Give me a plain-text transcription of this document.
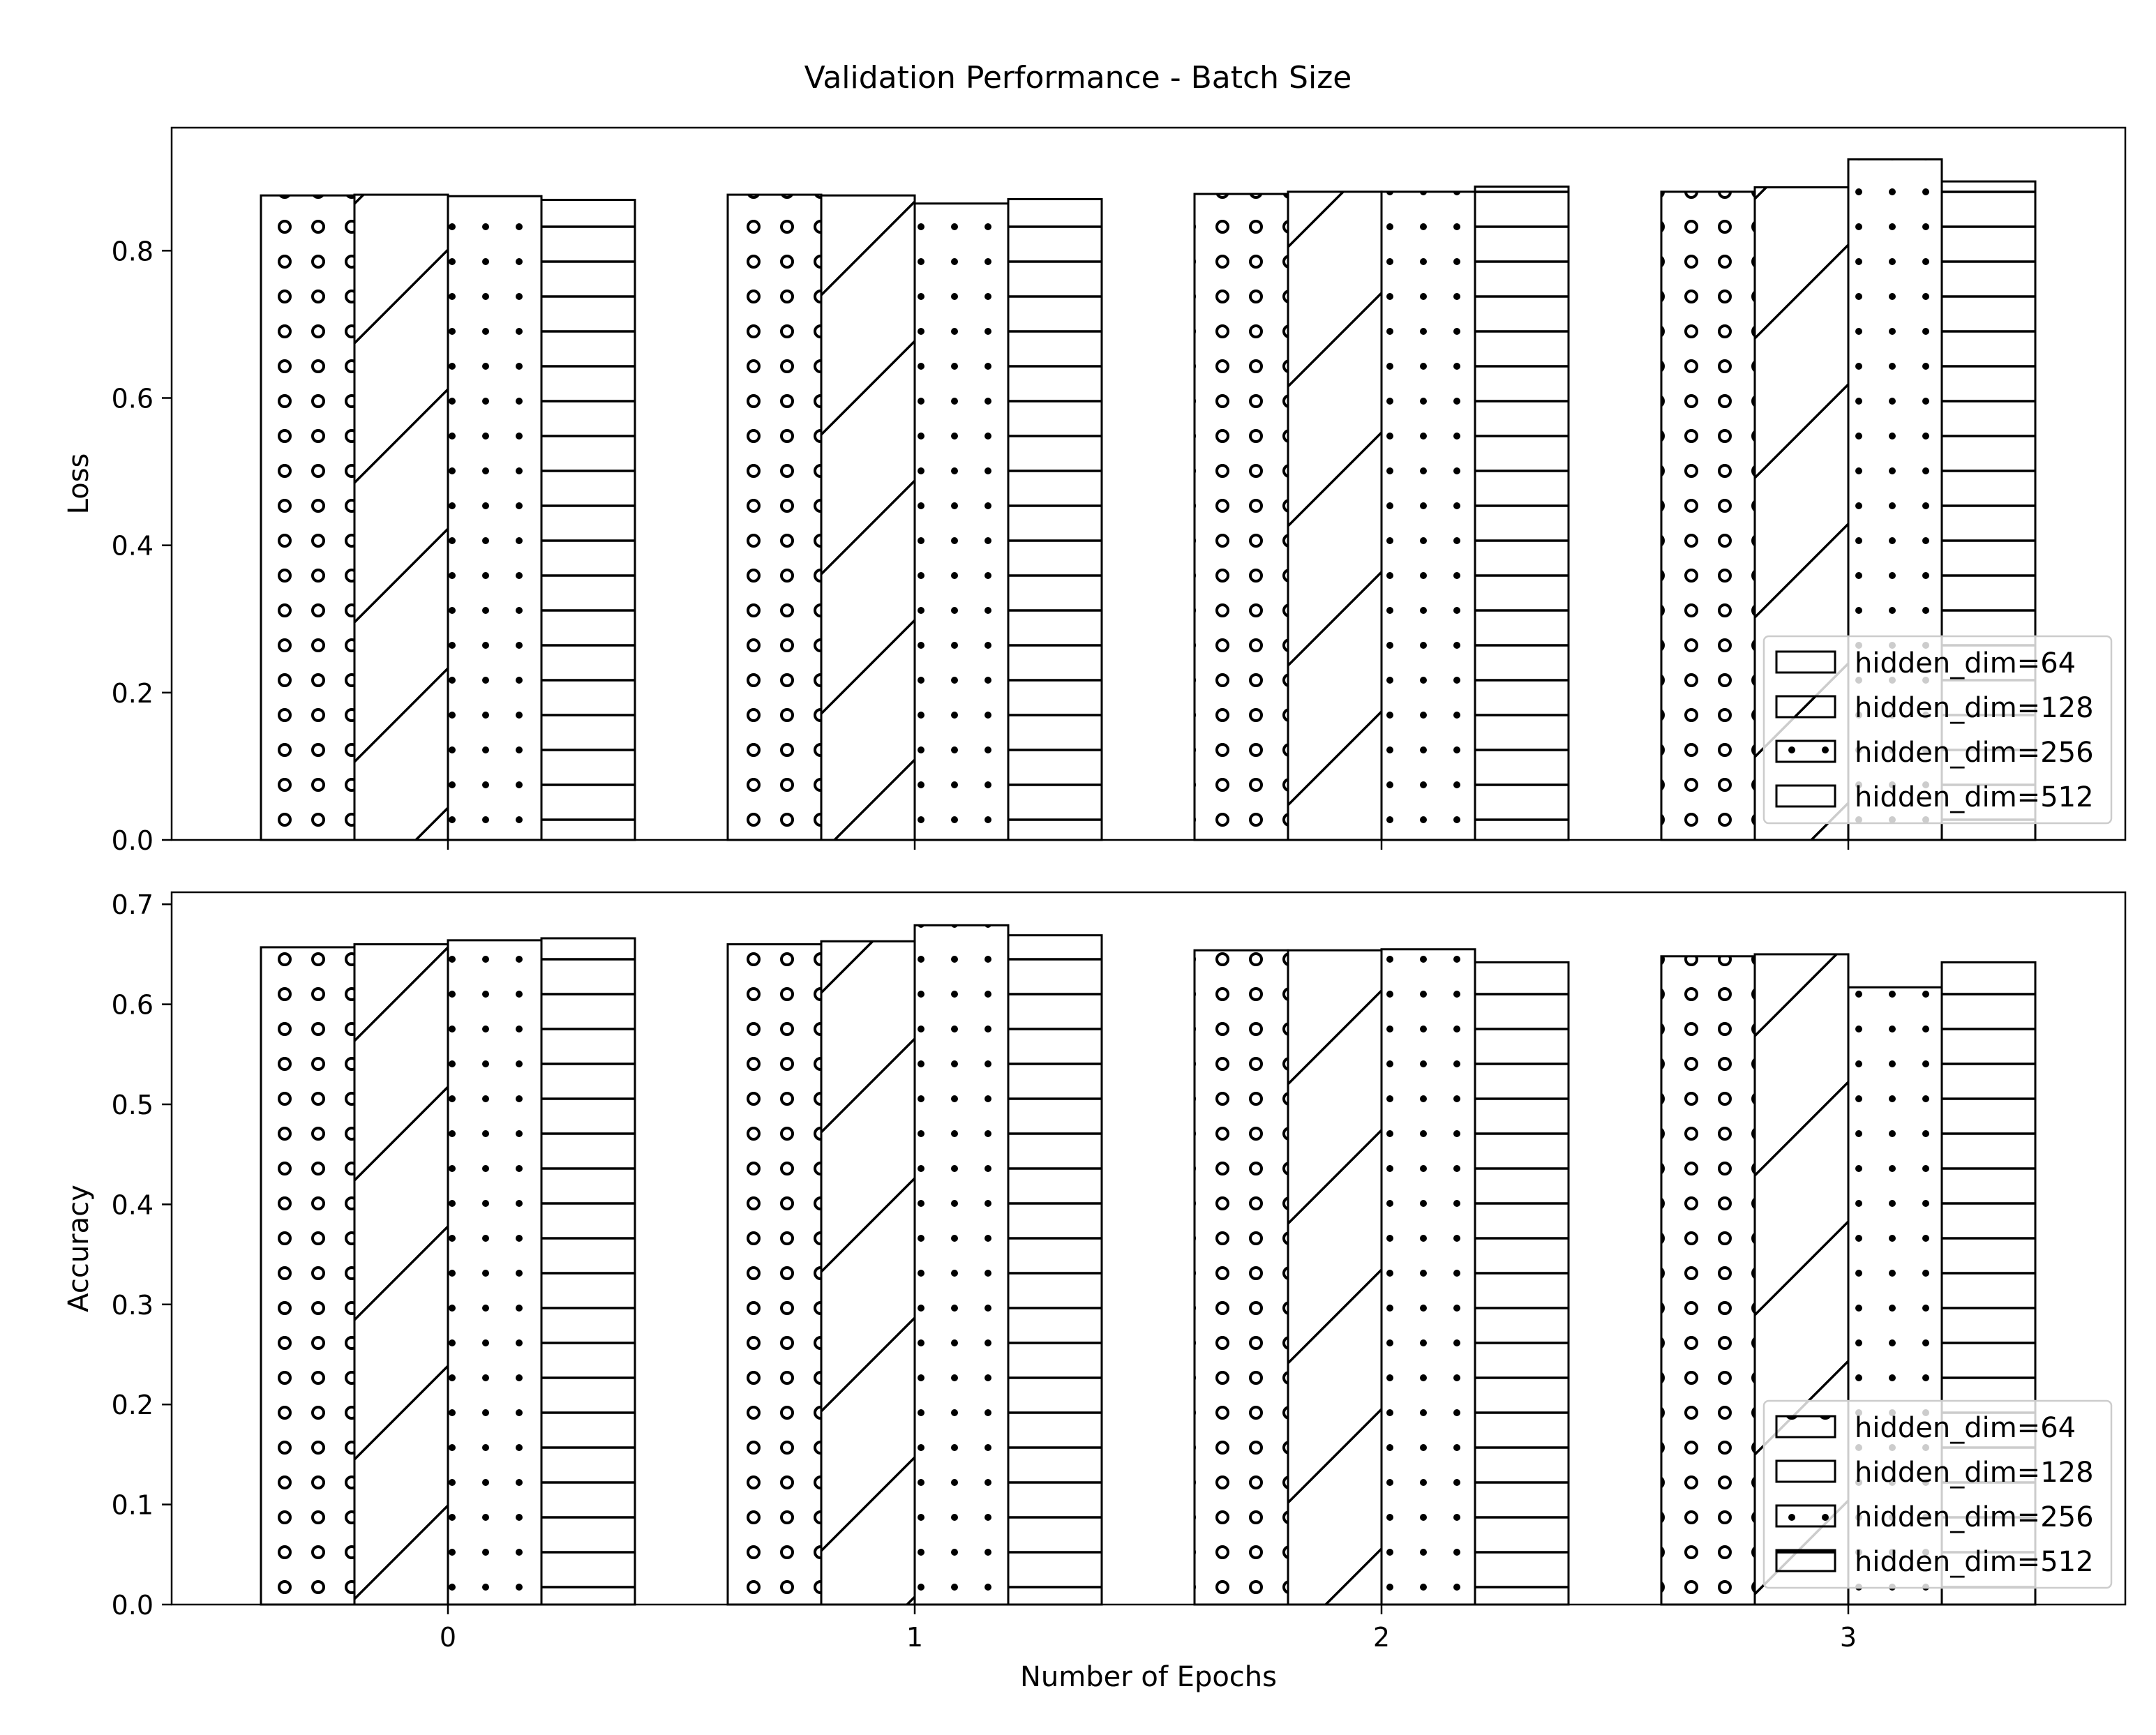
Validation Performance - Batch Size
0.0
0.2
0.4
0.6
0.8
Loss
hidden_dim=64
hidden_dim=128
hidden_dim=256
hidden_dim=512
0.0
0.1
0.2
0.3
0.4
0.5
0.6
0.7
Accuracy
0	1	2	3
Number of Epochs
hidden_dim=64
hidden_dim=128
hidden_dim=256
hidden_dim=512
